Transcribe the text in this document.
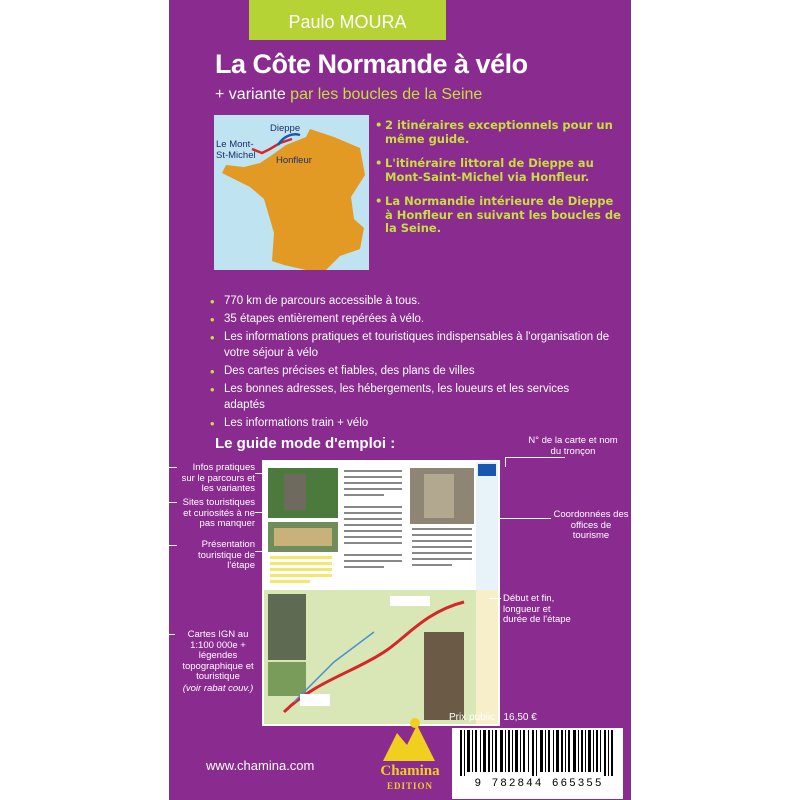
Paulo MOURA
La Côte Normande à vélo
+ variante par les boucles de la Seine
Dieppe
Le Mont-
St-Michel Honfleur
• 2 itinéraires exceptionnels pour un même guide.
• L'itinéraire littoral de Dieppe au Mont-Saint-Michel via Honfleur.
• La Normandie intérieure de Dieppe à Honfleur en suivant les boucles de la Seine.
• 770 km de parcours accessible à tous.
• 35 étapes entièrement repérées à vélo.
• Les informations pratiques et touristiques indispensables à l'organisation de votre séjour à vélo
• Des cartes précises et fiables, des plans de villes
• Les bonnes adresses, les hébergements, les loueurs et les services adaptés
• Les informations train + vélo
Le guide mode d'emploi :
Infos pratiques sur le parcours et les variantes
Sites touristiques et curiosités à ne pas manquer
Présentation touristique de l'étape
Cartes IGN au 1:100 000e + légendes topographique et touristique
(voir rabat couv.)
N° de la carte et nom du tronçon
Coordonnées des offices de tourisme
Début et fin, longueur et durée de l'étape
Chamina
EDITION
www.chamina.com
Prix public : 16,50 €
9 782844 665355
